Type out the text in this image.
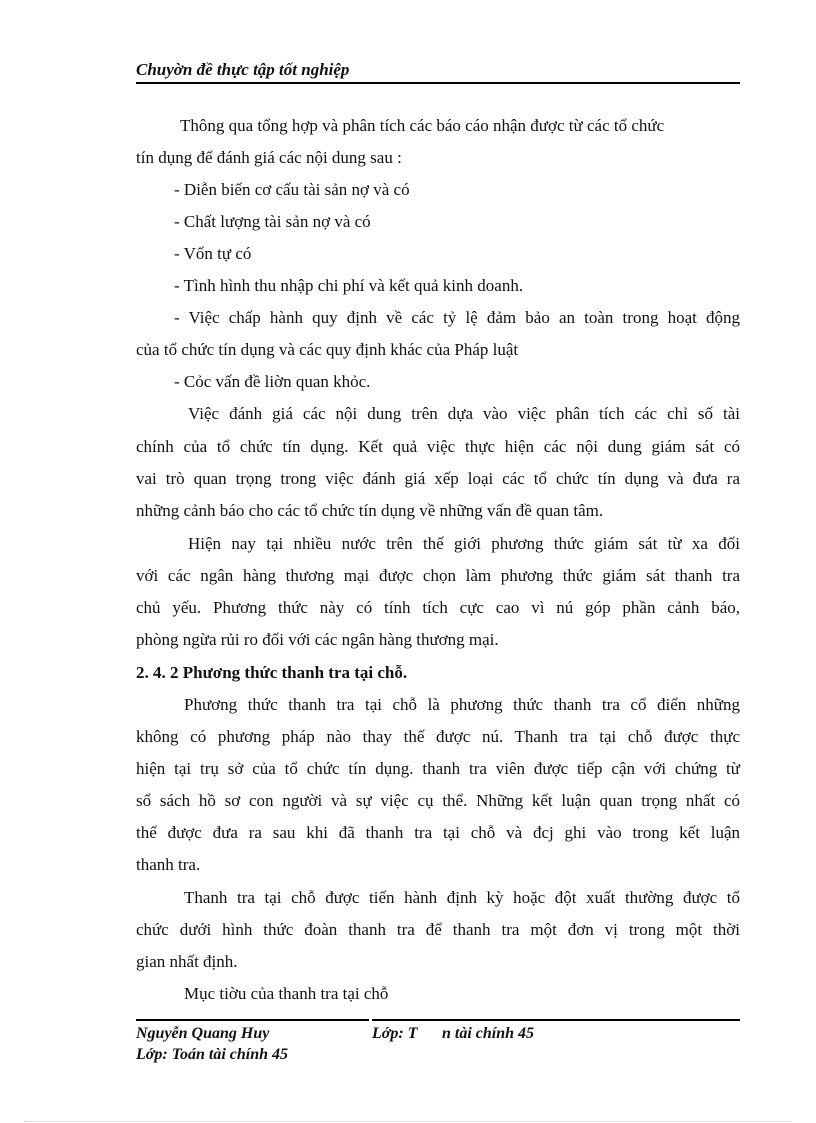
Chuyờn đề thực tập tốt nghiệp
Thông qua tổng hợp và phân tích các báo cáo nhận được từ các tổ chức
tín dụng để đánh giá các nội dung sau :
- Diễn biến cơ cấu tài sản nợ và có
- Chất lượng tài sản nợ và có
- Vốn tự có
- Tình hình thu nhập chi phí và kết quả kinh doanh.
- Việc chấp hành quy định về các tỷ lệ đảm bảo an toàn trong hoạt động
của tổ chức tín dụng và các quy định khác của Pháp luật
- Cỏc vấn đề liờn quan khỏc.
Việc đánh giá các nội dung trên dựa vào việc phân tích các chỉ số tài
chính của tổ chức tín dụng. Kết quả việc thực hiện các nội dung giám sát có
vai trò quan trọng trong việc đánh giá xếp loại các tổ chức tín dụng và đưa ra
những cảnh báo cho các tổ chức tín dụng về những vấn đề quan tâm.
Hiện nay tại nhiều nước trên thế giới phương thức giám sát từ xa đối
với các ngân hàng thương mại được chọn làm phương thức giám sát thanh tra
chủ yếu. Phương thức này có tính tích cực cao vì nú góp phần cảnh báo,
phòng ngừa rủi ro đối với các ngân hàng thương mại.
2. 4. 2 Phương thức thanh tra tại chỗ.
Phương thức thanh tra tại chỗ là phương thức thanh tra cổ điển những
không có phương pháp nào thay thế được nú. Thanh tra tại chỗ được thực
hiện tại trụ sở của tổ chức tín dụng. thanh tra viên được tiếp cận với chứng từ
sổ sách hồ sơ con người và sự việc cụ thể. Những kết luận quan trọng nhất có
thể được đưa ra sau khi đã thanh tra tại chỗ và đcj ghi vào trong kết luận
thanh tra.
Thanh tra tại chỗ được tiến hành định kỳ hoặc đột xuất thường được tổ
chức dưới hình thức đoàn thanh tra để thanh tra một đơn vị trong một thời
gian nhất định.
Mục tiờu của thanh tra tại chỗ
Nguyễn Quang Huy	Lớp: T n tài chính 45
Lớp: Toán tài chính 45
